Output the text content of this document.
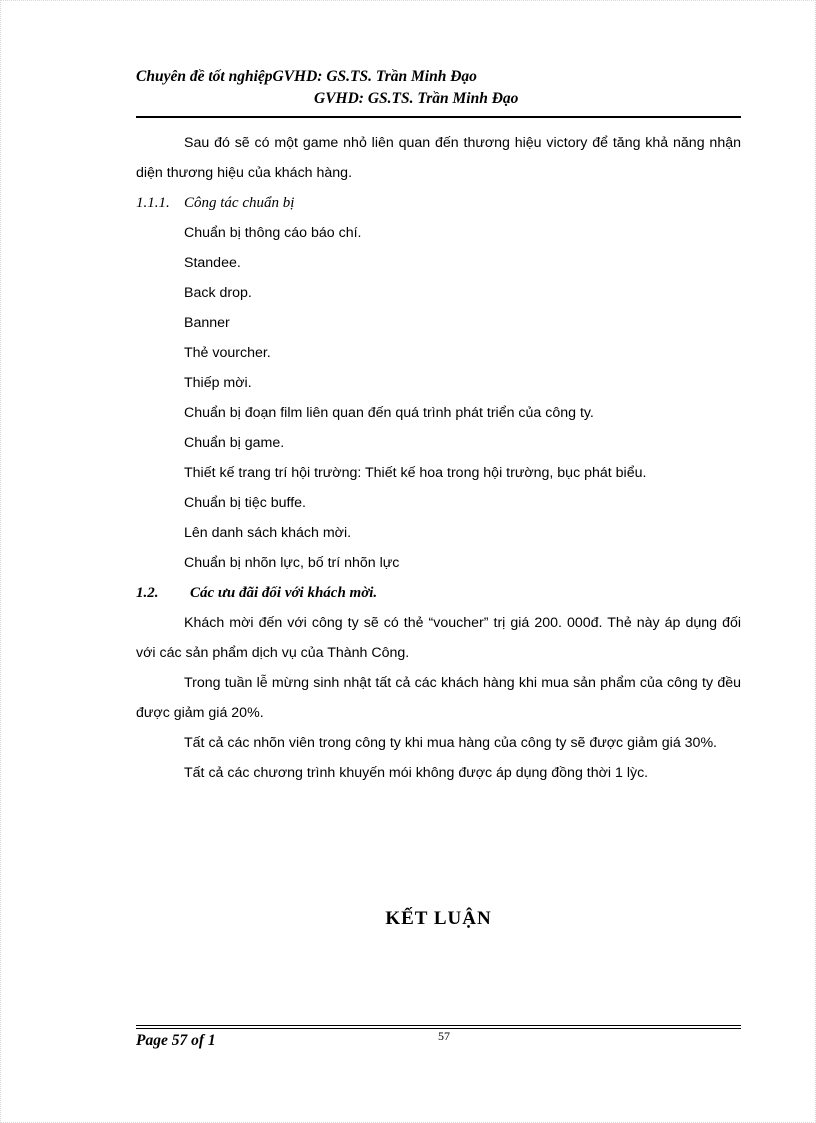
Chuyên đề tốt nghiệpGVHD: GS.TS. Trần Minh Đạo
GVHD: GS.TS. Trần Minh Đạo

Sau đó sẽ có một game nhỏ liên quan đến thương hiệu victory để tăng khả năng nhận diện thương hiệu của khách hàng.

1.1.1. Công tác chuẩn bị

Chuẩn bị thông cáo báo chí.

Standee.

Back drop.

Banner

Thẻ vourcher.

Thiếp mời.

Chuẩn bị đoạn film liên quan đến quá trình phát triển của công ty.

Chuẩn bị game.

Thiết kế trang trí hội trường: Thiết kế hoa trong hội trường, bục phát biểu.

Chuẩn bị tiệc buffe.

Lên danh sách khách mời.

Chuẩn bị nhõn lực, bố trí nhõn lực

1.2. Các ưu đãi đối với khách mời.

Khách mời đến với công ty sẽ có thẻ “voucher” trị giá 200. 000đ. Thẻ này áp dụng đối với các sản phẩm dịch vụ của Thành Công.

Trong tuần lễ mừng sinh nhật tất cả các khách hàng khi mua sản phẩm của công ty đều được giảm giá 20%.

Tất cả các nhõn viên trong công ty khi mua hàng của công ty sẽ được giảm giá 30%.

Tất cả các chương trình khuyến mói không được áp dụng đồng thời 1 lỳc.

KẾT LUẬN
Page 57 of 1	57
